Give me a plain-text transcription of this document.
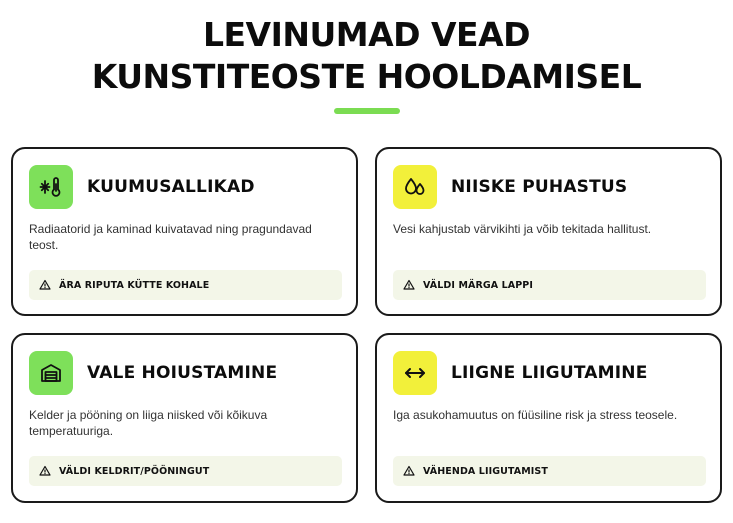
LEVINUMAD VEAD
KUNSTITEOSTE HOOLDAMISEL
KUUMUSALLIKAD
Radiaatorid ja kaminad kuivatavad ning pragundavad teost.
ÄRA RIPUTA KÜTTE KOHALE
NIISKE PUHASTUS
Vesi kahjustab värvikihti ja võib tekitada hallitust.
VÄLDI MÄRGA LAPPI
VALE HOIUSTAMINE
Kelder ja pööning on liiga niisked või kõikuva temperatuuriga.
VÄLDI KELDRIT/PÖÖNINGUT
LIIGNE LIIGUTAMINE
Iga asukohamuutus on füüsiline risk ja stress teosele.
VÄHENDA LIIGUTAMIST
